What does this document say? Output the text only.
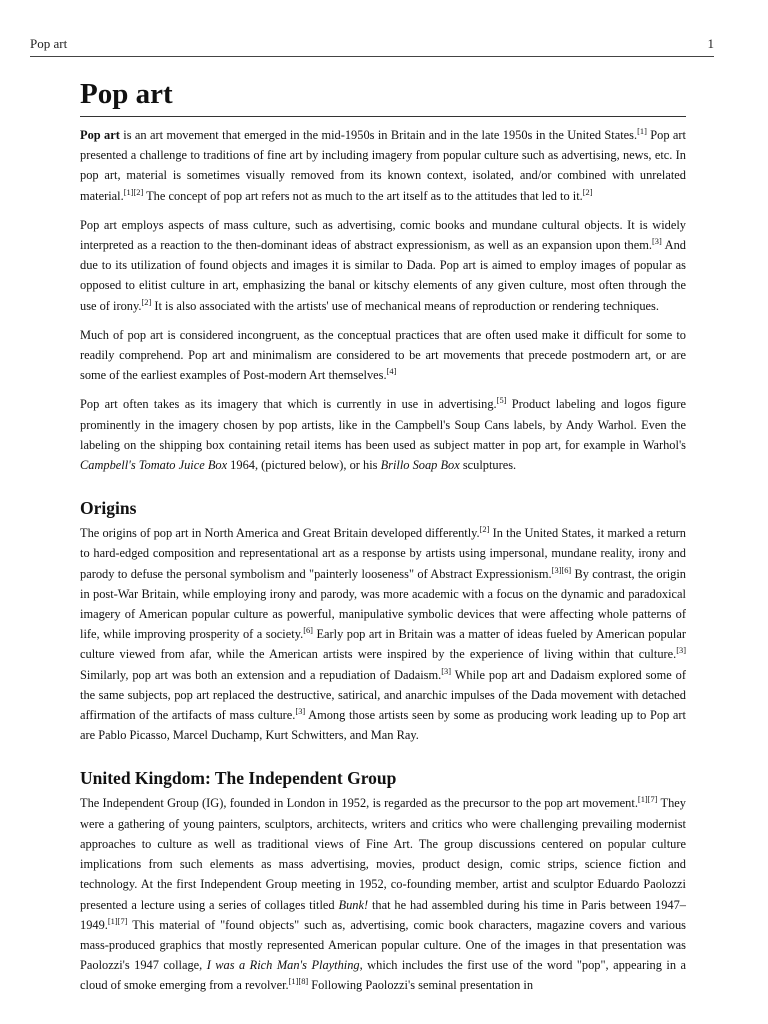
Pop art	1
Pop art

Pop art is an art movement that emerged in the mid-1950s in Britain and in the late 1950s in the United States.[1] Pop art presented a challenge to traditions of fine art by including imagery from popular culture such as advertising, news, etc. In pop art, material is sometimes visually removed from its known context, isolated, and/or combined with unrelated material.[1][2] The concept of pop art refers not as much to the art itself as to the attitudes that led to it.[2]

Pop art employs aspects of mass culture, such as advertising, comic books and mundane cultural objects. It is widely interpreted as a reaction to the then-dominant ideas of abstract expressionism, as well as an expansion upon them.[3] And due to its utilization of found objects and images it is similar to Dada. Pop art is aimed to employ images of popular as opposed to elitist culture in art, emphasizing the banal or kitschy elements of any given culture, most often through the use of irony.[2] It is also associated with the artists' use of mechanical means of reproduction or rendering techniques.

Much of pop art is considered incongruent, as the conceptual practices that are often used make it difficult for some to readily comprehend. Pop art and minimalism are considered to be art movements that precede postmodern art, or are some of the earliest examples of Post-modern Art themselves.[4]

Pop art often takes as its imagery that which is currently in use in advertising.[5] Product labeling and logos figure prominently in the imagery chosen by pop artists, like in the Campbell's Soup Cans labels, by Andy Warhol. Even the labeling on the shipping box containing retail items has been used as subject matter in pop art, for example in Warhol's Campbell's Tomato Juice Box 1964, (pictured below), or his Brillo Soap Box sculptures.

Origins

The origins of pop art in North America and Great Britain developed differently.[2] In the United States, it marked a return to hard-edged composition and representational art as a response by artists using impersonal, mundane reality, irony and parody to defuse the personal symbolism and "painterly looseness" of Abstract Expressionism.[3][6] By contrast, the origin in post-War Britain, while employing irony and parody, was more academic with a focus on the dynamic and paradoxical imagery of American popular culture as powerful, manipulative symbolic devices that were affecting whole patterns of life, while improving prosperity of a society.[6] Early pop art in Britain was a matter of ideas fueled by American popular culture viewed from afar, while the American artists were inspired by the experience of living within that culture.[3] Similarly, pop art was both an extension and a repudiation of Dadaism.[3] While pop art and Dadaism explored some of the same subjects, pop art replaced the destructive, satirical, and anarchic impulses of the Dada movement with detached affirmation of the artifacts of mass culture.[3] Among those artists seen by some as producing work leading up to Pop art are Pablo Picasso, Marcel Duchamp, Kurt Schwitters, and Man Ray.

United Kingdom: The Independent Group

The Independent Group (IG), founded in London in 1952, is regarded as the precursor to the pop art movement.[1][7] They were a gathering of young painters, sculptors, architects, writers and critics who were challenging prevailing modernist approaches to culture as well as traditional views of Fine Art. The group discussions centered on popular culture implications from such elements as mass advertising, movies, product design, comic strips, science fiction and technology. At the first Independent Group meeting in 1952, co-founding member, artist and sculptor Eduardo Paolozzi presented a lecture using a series of collages titled Bunk! that he had assembled during his time in Paris between 1947–1949.[1][7] This material of "found objects" such as, advertising, comic book characters, magazine covers and various mass-produced graphics that mostly represented American popular culture. One of the images in that presentation was Paolozzi's 1947 collage, I was a Rich Man's Plaything, which includes the first use of the word "pop", appearing in a cloud of smoke emerging from a revolver.[1][8] Following Paolozzi's seminal presentation in
